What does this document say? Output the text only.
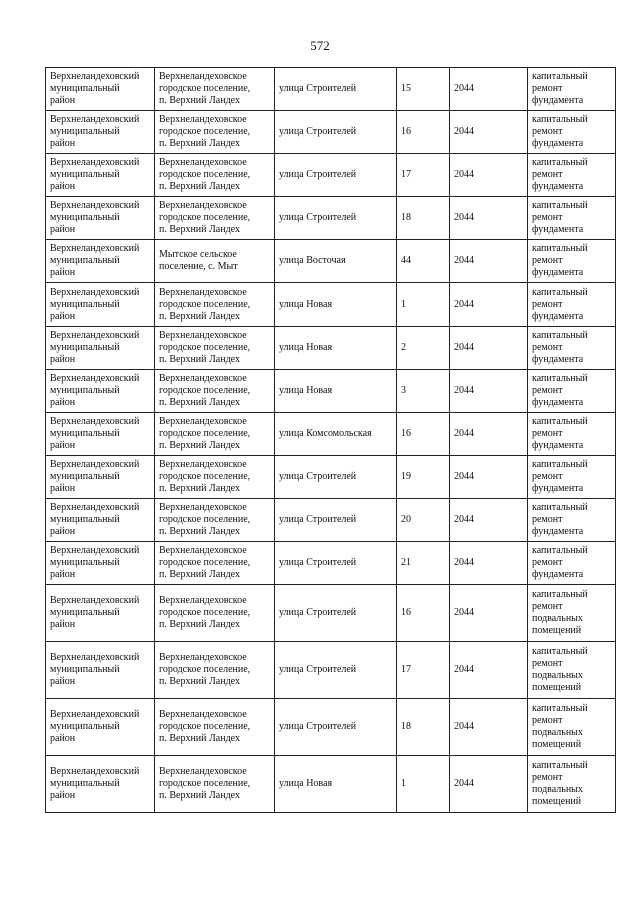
572
Верхнеландеховский
муниципальный
район	Верхнеландеховское
городское поселение,
п. Верхний Ландех	улица Строителей	15	2044	капитальный
ремонт
фундамента

Верхнеландеховский
муниципальный
район	Верхнеландеховское
городское поселение,
п. Верхний Ландех	улица Строителей	16	2044	капитальный
ремонт
фундамента

Верхнеландеховский
муниципальный
район	Верхнеландеховское
городское поселение,
п. Верхний Ландех	улица Строителей	17	2044	капитальный
ремонт
фундамента

Верхнеландеховский
муниципальный
район	Верхнеландеховское
городское поселение,
п. Верхний Ландех	улица Строителей	18	2044	капитальный
ремонт
фундамента

Верхнеландеховский
муниципальный
район	Мытское сельское
поселение, с. Мыт	улица Восточая	44	2044	капитальный
ремонт
фундамента

Верхнеландеховский
муниципальный
район	Верхнеландеховское
городское поселение,
п. Верхний Ландех	улица Новая	1	2044	капитальный
ремонт
фундамента

Верхнеландеховский
муниципальный
район	Верхнеландеховское
городское поселение,
п. Верхний Ландех	улица Новая	2	2044	капитальный
ремонт
фундамента

Верхнеландеховский
муниципальный
район	Верхнеландеховское
городское поселение,
п. Верхний Ландех	улица Новая	3	2044	капитальный
ремонт
фундамента

Верхнеландеховский
муниципальный
район	Верхнеландеховское
городское поселение,
п. Верхний Ландех	улица Комсомольская	16	2044	капитальный
ремонт
фундамента

Верхнеландеховский
муниципальный
район	Верхнеландеховское
городское поселение,
п. Верхний Ландех	улица Строителей	19	2044	капитальный
ремонт
фундамента

Верхнеландеховский
муниципальный
район	Верхнеландеховское
городское поселение,
п. Верхний Ландех	улица Строителей	20	2044	капитальный
ремонт
фундамента

Верхнеландеховский
муниципальный
район	Верхнеландеховское
городское поселение,
п. Верхний Ландех	улица Строителей	21	2044	капитальный
ремонт
фундамента

Верхнеландеховский
муниципальный
район	Верхнеландеховское
городское поселение,
п. Верхний Ландех	улица Строителей	16	2044	капитальный
ремонт
подвальных
помещений

Верхнеландеховский
муниципальный
район	Верхнеландеховское
городское поселение,
п. Верхний Ландех	улица Строителей	17	2044	капитальный
ремонт
подвальных
помещений

Верхнеландеховский
муниципальный
район	Верхнеландеховское
городское поселение,
п. Верхний Ландех	улица Строителей	18	2044	капитальный
ремонт
подвальных
помещений

Верхнеландеховский
муниципальный
район	Верхнеландеховское
городское поселение,
п. Верхний Ландех	улица Новая	1	2044	капитальный
ремонт
подвальных
помещений
